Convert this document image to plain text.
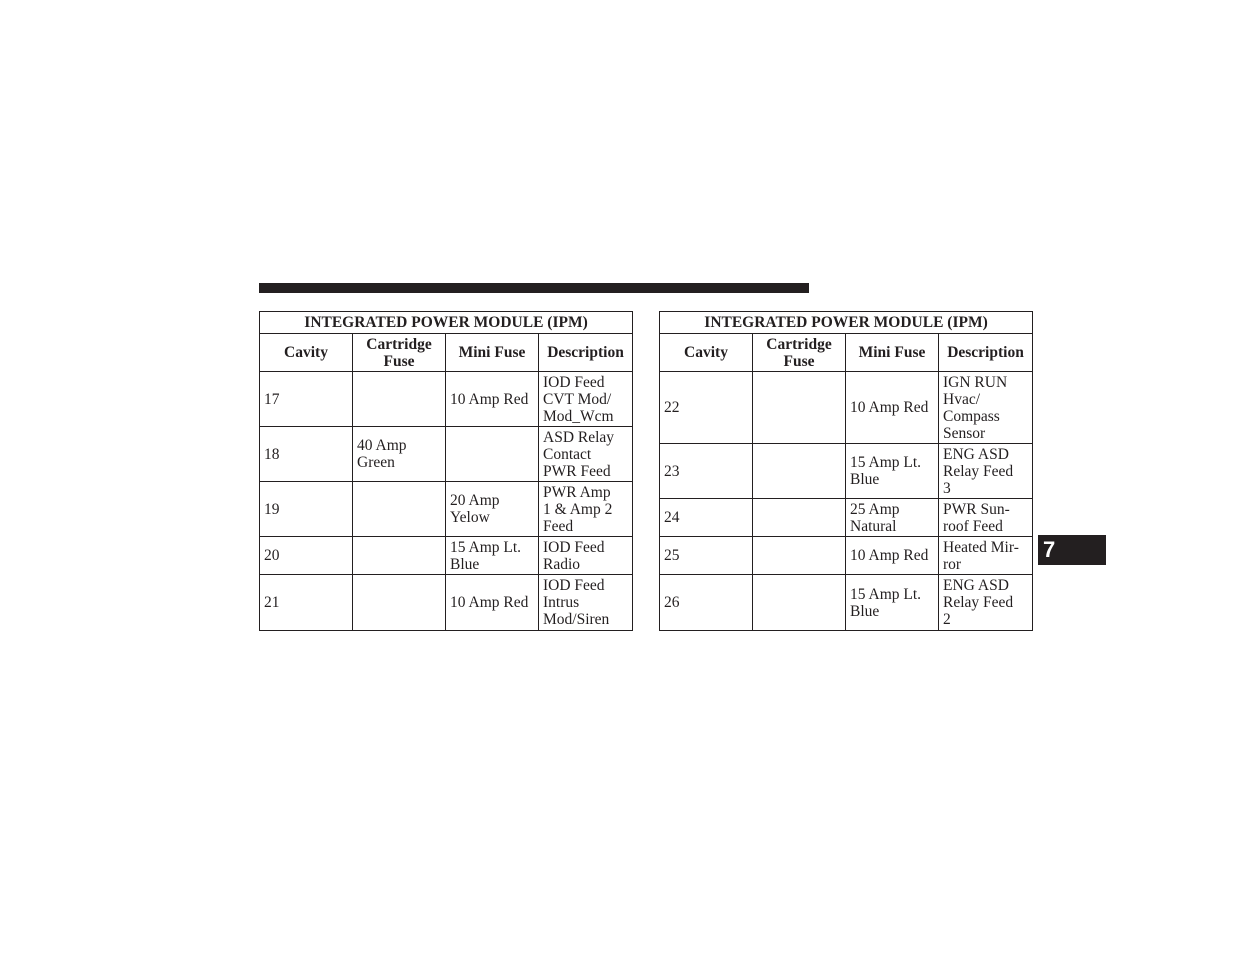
INTEGRATED POWER MODULE (IPM)			

Cavity	Cartridge
Fuse	Mini Fuse	Description

17		10 Amp Red	IOD Feed
CVT Mod/
Mod_Wcm

18	40 Amp
Green		ASD Relay
Contact
PWR Feed

19		20 Amp
Yelow	PWR Amp
1 & Amp 2
Feed

20		15 Amp Lt.
Blue	IOD Feed
Radio

21		10 Amp Red	IOD Feed
Intrus
Mod/Siren
INTEGRATED POWER MODULE (IPM)			

Cavity	Cartridge
Fuse	Mini Fuse	Description

22		10 Amp Red	IGN RUN
Hvac/
Compass
Sensor

23		15 Amp Lt.
Blue	ENG ASD
Relay Feed
3

24		25 Amp
Natural	PWR Sun-
roof Feed

25		10 Amp Red	Heated Mir-
ror

26		15 Amp Lt.
Blue	ENG ASD
Relay Feed
2
7
